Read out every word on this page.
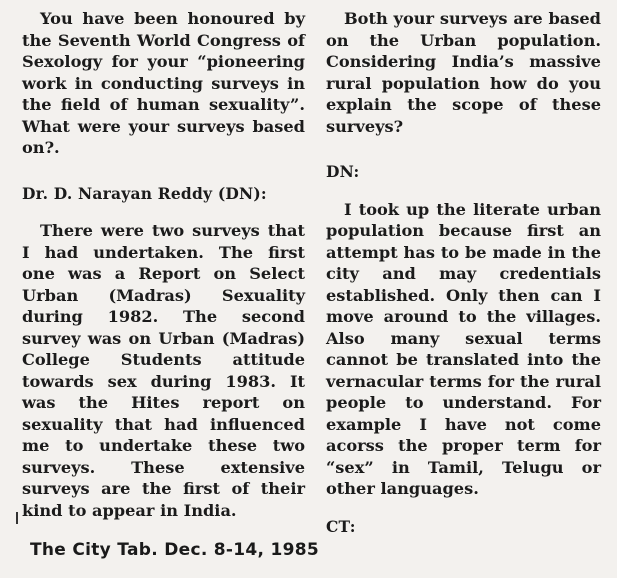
You have been honoured by the Seventh World Congress of Sexology for your “pioneering work in conducting surveys in the field of human sexuality”. What were your surveys based on?.

Dr. D. Narayan Reddy (DN):

There were two surveys that I had undertaken. The first one was a Report on Select Urban (Madras) Sexuality during 1982. The second survey was on Urban (Madras) College Students attitude towards sex during 1983. It was the Hites report on sexuality that had influenced me to undertake these two surveys. These extensive surveys are the first of their kind to appear in India.

Both your surveys are based on the Urban population. Considering India’s massive rural population how do you explain the scope of these surveys?

DN:

I took up the literate urban population because first an attempt has to be made in the city and may credentials established. Only then can I move around to the villages. Also many sexual terms cannot be translated into the vernacular terms for the rural people to understand. For example I have not come acorss the proper term for “sex” in Tamil, Telugu or other languages.

CT:

The City Tab. Dec. 8-14, 1985
